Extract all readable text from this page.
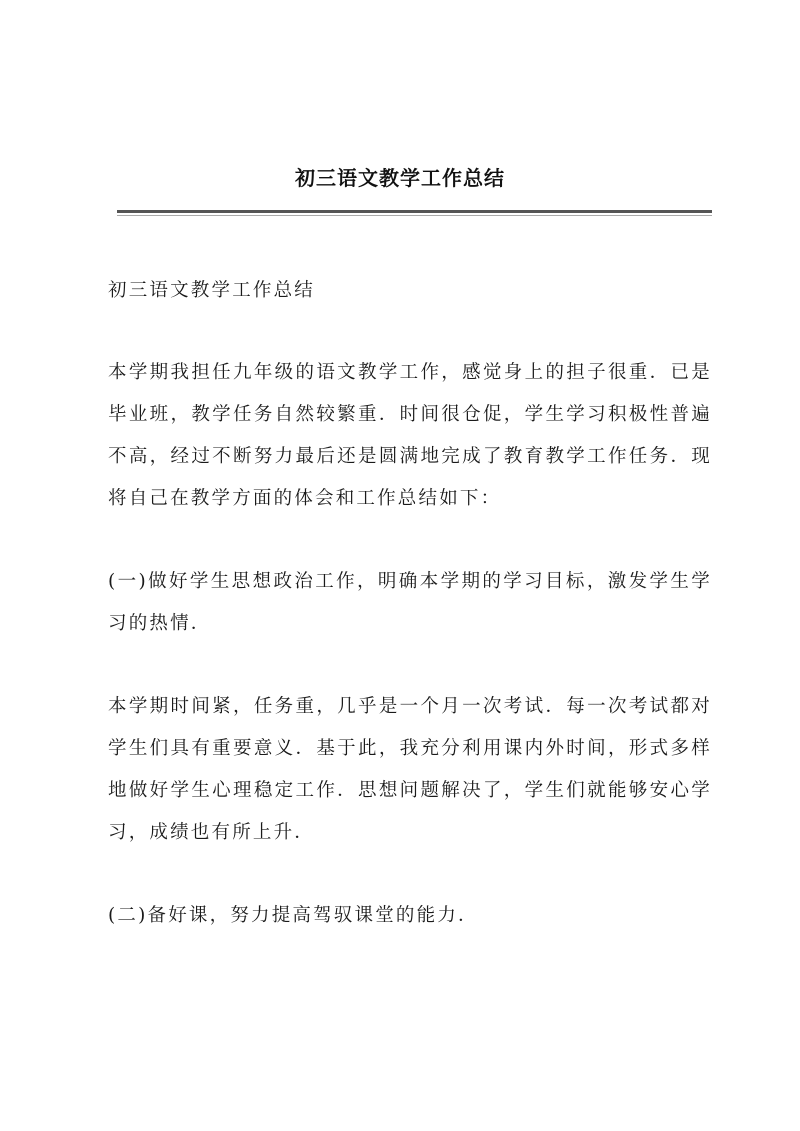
初三语文教学工作总结

初三语文教学工作总结

本学期我担任九年级的语文教学工作，感觉身上的担子很重．已是毕业班，教学任务自然较繁重．时间很仓促，学生学习积极性普遍不高，经过不断努力最后还是圆满地完成了教育教学工作任务．现将自己在教学方面的体会和工作总结如下：

(一)做好学生思想政治工作，明确本学期的学习目标，激发学生学习的热情．

本学期时间紧，任务重，几乎是一个月一次考试．每一次考试都对学生们具有重要意义．基于此，我充分利用课内外时间，形式多样地做好学生心理稳定工作．思想问题解决了，学生们就能够安心学习，成绩也有所上升．

(二)备好课，努力提高驾驭课堂的能力．
